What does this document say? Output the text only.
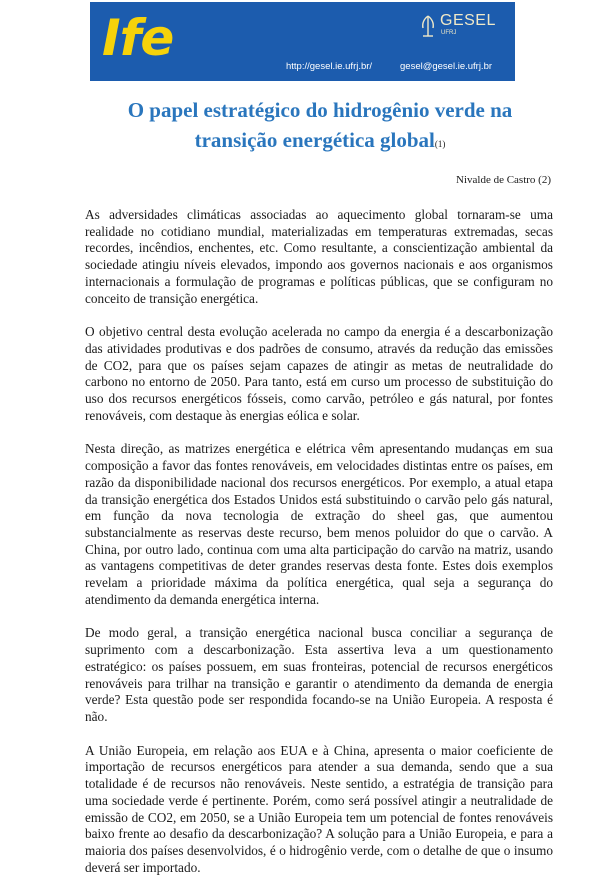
Ife	GESEL
UFRJ
http://gesel.ie.ufrj.br/	gesel@gesel.ie.ufrj.br
O papel estratégico do hidrogênio verde na
transição energética global(1)
Nivalde de Castro (2)

As adversidades climáticas associadas ao aquecimento global tornaram-se uma realidade no cotidiano mundial, materializadas em temperaturas extremadas, secas recordes, incêndios, enchentes, etc. Como resultante, a conscientização ambiental da sociedade atingiu níveis elevados, impondo aos governos nacionais e aos organismos internacionais a formulação de programas e políticas públicas, que se configuram no conceito de transição energética.

O objetivo central desta evolução acelerada no campo da energia é a descarbonização das atividades produtivas e dos padrões de consumo, através da redução das emissões de CO2, para que os países sejam capazes de atingir as metas de neutralidade do carbono no entorno de 2050. Para tanto, está em curso um processo de substituição do uso dos recursos energéticos fósseis, como carvão, petróleo e gás natural, por fontes renováveis, com destaque às energias eólica e solar.

Nesta direção, as matrizes energética e elétrica vêm apresentando mudanças em sua composição a favor das fontes renováveis, em velocidades distintas entre os países, em razão da disponibilidade nacional dos recursos energéticos. Por exemplo, a atual etapa da transição energética dos Estados Unidos está substituindo o carvão pelo gás natural, em função da nova tecnologia de extração do sheel gas, que aumentou substancialmente as reservas deste recurso, bem menos poluidor do que o carvão. A China, por outro lado, continua com uma alta participação do carvão na matriz, usando as vantagens competitivas de deter grandes reservas desta fonte. Estes dois exemplos revelam a prioridade máxima da política energética, qual seja a segurança do atendimento da demanda energética interna.

De modo geral, a transição energética nacional busca conciliar a segurança de suprimento com a descarbonização. Esta assertiva leva a um questionamento estratégico: os países possuem, em suas fronteiras, potencial de recursos energéticos renováveis para trilhar na transição e garantir o atendimento da demanda de energia verde? Esta questão pode ser respondida focando-se na União Europeia. A resposta é não.

A União Europeia, em relação aos EUA e à China, apresenta o maior coeficiente de importação de recursos energéticos para atender a sua demanda, sendo que a sua totalidade é de recursos não renováveis. Neste sentido, a estratégia de transição para uma sociedade verde é pertinente. Porém, como será possível atingir a neutralidade de emissão de CO2, em 2050, se a União Europeia tem um potencial de fontes renováveis baixo frente ao desafio da descarbonização? A solução para a União Europeia, e para a maioria dos países desenvolvidos, é o hidrogênio verde, com o detalhe de que o insumo deverá ser importado.
